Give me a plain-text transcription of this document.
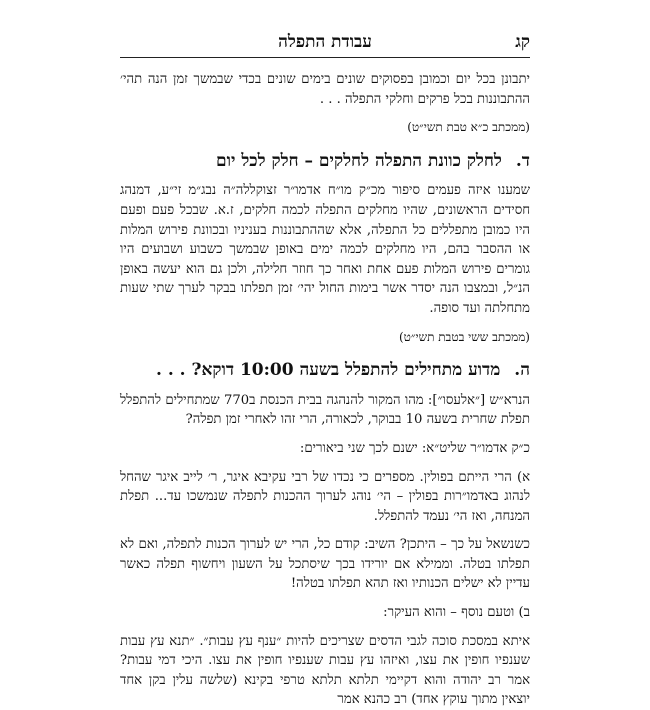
עבודת התפלה	קג

יתבונן בכל יום וכמובן בפסוקים שונים בימים שונים בכדי שבמשך זמן הנה תהי׳ ההתבוננות בכל פרקים וחלקי התפלה . . .

(ממכתב כ״א טבת תשי״ט)

ד.לחלק כוונת התפלה לחלקים – חלק לכל יום

שמענו איזה פעמים סיפור מכ״ק מו״ח אדמו״ר זצוקללה״ה נבג״מ זי״ע, דמנהג חסידים הראשונים, שהיו מחלקים התפלה לכמה חלקים, ז.א. שבכל פעם ופעם היו כמובן מתפללים כל התפלה, אלא שההתבוננות בעניניו ובכוונת פירוש המלות או ההסבר בהם, היו מחלקים לכמה ימים באופן שבמשך כשבוע ושבועים היו גומרים פירוש המלות פעם אחת ואחר כך חוזר חלילה, ולכן גם הוא יעשה באופן הנ״ל, ובמצבו הנה יסדר אשר בימות החול יהי׳ זמן תפלתו בבקר לערך שתי שעות מתחלתה ועד סופה.

(ממכתב ששי בטבת תשי״ט)

ה.מדוע מתחילים להתפלל בשעה 10:00 דוקא? . . .

הנרא״ש [״אלעסו״]: מהו המקור להנהגה בבית הכנסת ב770 שמתחילים להתפלל תפלת שחרית בשעה 10 בבוקר, לכאורה, הרי זהו לאחרי זמן תפלה?

כ״ק אדמו״ר שליט״א: ישנם לכך שני ביאורים:

א) הרי הייתם בפולין. מספרים כי נכדו של רבי עקיבא איגר, ר׳ לייב איגר שהחל לנהוג באדמו״רות בפולין – הי׳ נוהג לערוך ההכנות לתפלה שנמשכו עד... תפלת המנחה, ואז הי׳ נעמד להתפלל.

כשנשאל על כך – היתכן? השיב: קודם כל, הרי יש לערוך הכנות לתפלה, ואם לא תפלתו בטלה. וממילא אם יורידו בכך שיסתכל על השעון ויחשוף תפלה כאשר עדיין לא ישלים הכנותיו ואז תהא תפלתו בטלה!

ב) וטעם נוסף – והוא העיקר:

איתא במסכת סוכה לגבי הדסים שצריכים להיות ״ענף עץ עבות״. ״תנא עץ עבות שענפיו חופין את עצו, ואיזהו עץ עבות שענפיו חופין את עצו. היכי דמי עבות? אמר רב יהודה והוא דקיימי תלתא תלתא טרפי בקינא (שלשה עלין בקן אחד יוצאין מתוך עוקץ אחד) רב כהנא אמר
